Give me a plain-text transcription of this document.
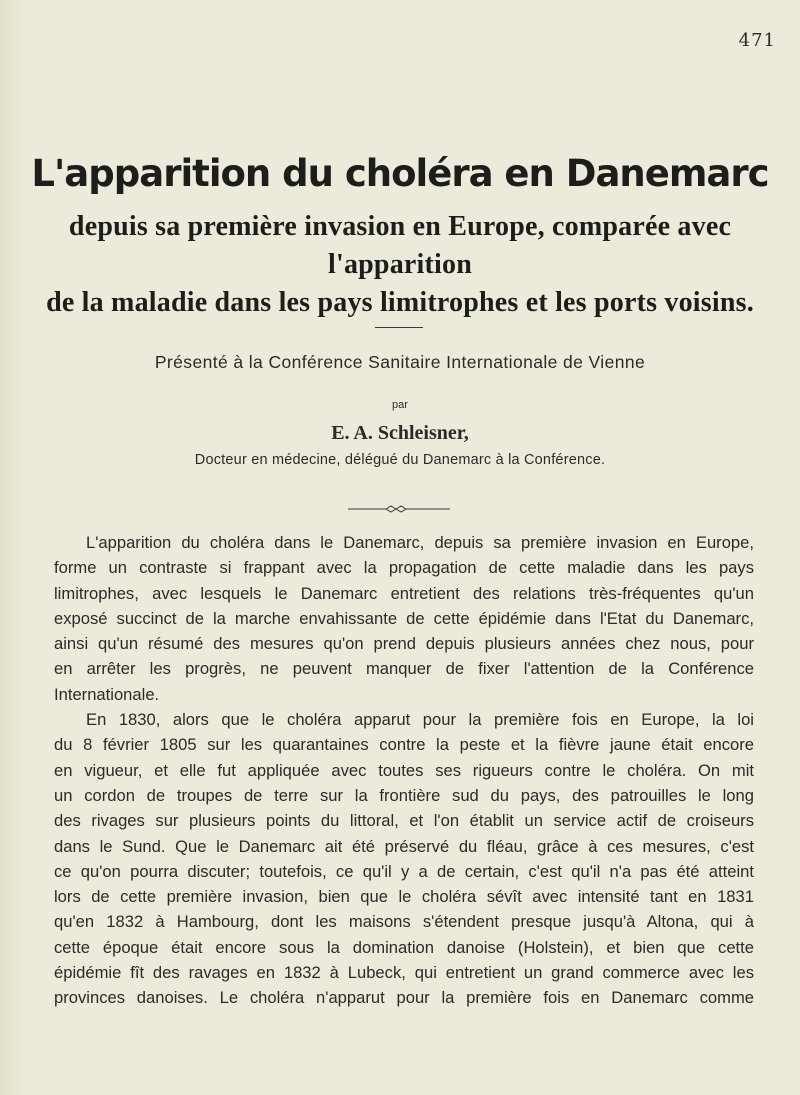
471
L'apparition du choléra en Danemarc
depuis sa première invasion en Europe, comparée avec l'apparition
de la maladie dans les pays limitrophes et les ports voisins.
Présenté à la Conférence Sanitaire Internationale de Vienne
par
E. A. Schleisner,
Docteur en médecine, délégué du Danemarc à la Conférence.
L'apparition du choléra dans le Danemarc, depuis sa première invasion en Europe,
forme un contraste si frappant avec la propagation de cette maladie dans les pays
limitrophes, avec lesquels le Danemarc entretient des relations très-fréquentes qu'un
exposé succinct de la marche envahissante de cette épidémie dans l'Etat du Danemarc,
ainsi qu'un résumé des mesures qu'on prend depuis plusieurs années chez nous, pour
en arrêter les progrès, ne peuvent manquer de fixer l'attention de la Conférence
Internationale.
En 1830, alors que le choléra apparut pour la première fois en Europe, la loi
du 8 février 1805 sur les quarantaines contre la peste et la fièvre jaune était encore
en vigueur, et elle fut appliquée avec toutes ses rigueurs contre le choléra. On mit
un cordon de troupes de terre sur la frontière sud du pays, des patrouilles le long
des rivages sur plusieurs points du littoral, et l'on établit un service actif de croiseurs
dans le Sund. Que le Danemarc ait été préservé du fléau, grâce à ces mesures, c'est
ce qu'on pourra discuter; toutefois, ce qu'il y a de certain, c'est qu'il n'a pas été atteint
lors de cette première invasion, bien que le choléra sévît avec intensité tant en 1831
qu'en 1832 à Hambourg, dont les maisons s'étendent presque jusqu'à Altona, qui à
cette époque était encore sous la domination danoise (Holstein), et bien que cette
épidémie fît des ravages en 1832 à Lubeck, qui entretient un grand commerce avec les
provinces danoises. Le choléra n'apparut pour la première fois en Danemarc comme
